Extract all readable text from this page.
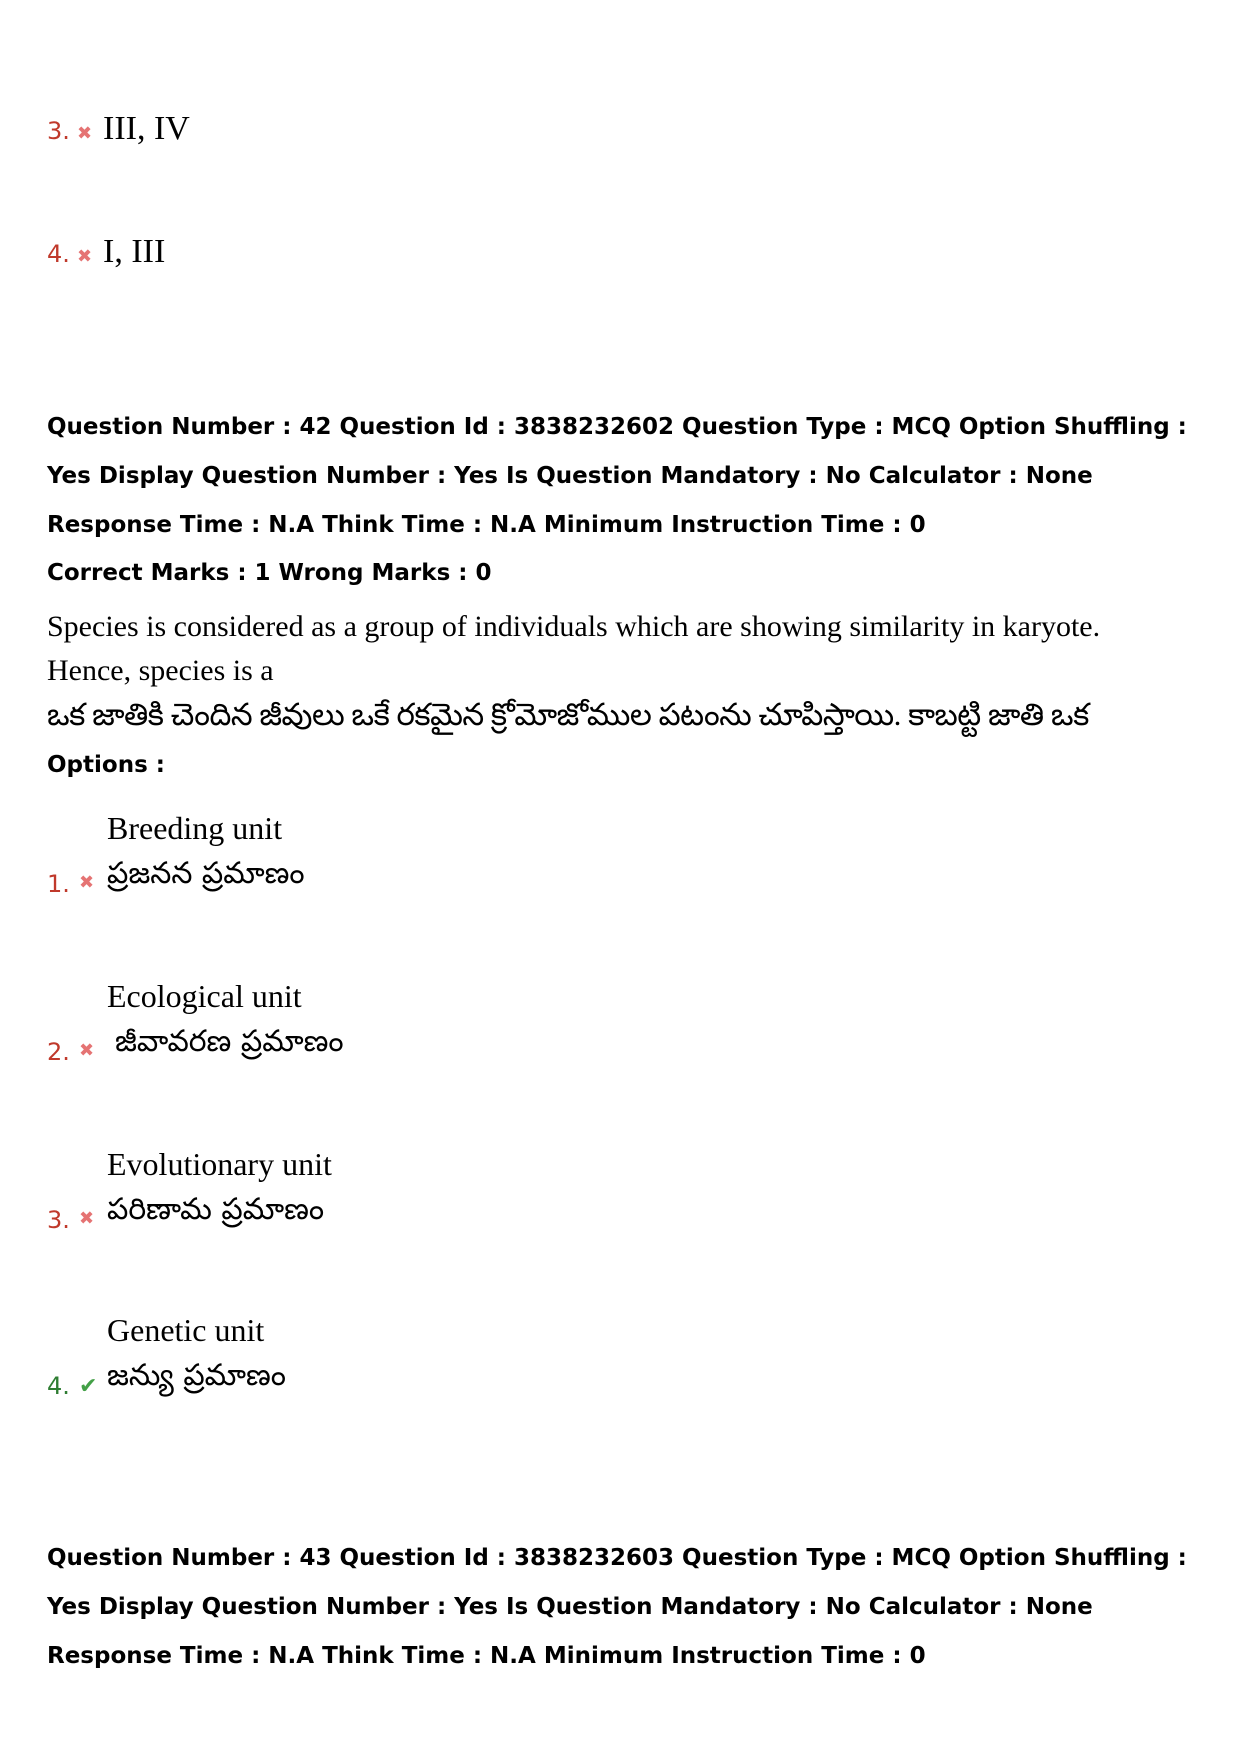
3. ✖ III, IV
4. ✖ I, III
Question Number : 42 Question Id : 3838232602 Question Type : MCQ Option Shuffling : Yes Display Question Number : Yes Is Question Mandatory : No Calculator : None Response Time : N.A Think Time : N.A Minimum Instruction Time : 0
Correct Marks : 1 Wrong Marks : 0
Species is considered as a group of individuals which are showing similarity in karyote.
Hence, species is a
ఒక జాతికి చెందిన జీవులు ఒకే రకమైన క్రోమోజోముల పటంను చూపిస్తాయి. కాబట్టి జాతి ఒక
Options :
Breeding unit
ప్రజనన ప్రమాణం
1. ✖
Ecological unit
జీవావరణ ప్రమాణం
2. ✖
Evolutionary unit
పరిణామ ప్రమాణం
3. ✖
Genetic unit
జన్యు ప్రమాణం
4. ✔
Question Number : 43 Question Id : 3838232603 Question Type : MCQ Option Shuffling : Yes Display Question Number : Yes Is Question Mandatory : No Calculator : None Response Time : N.A Think Time : N.A Minimum Instruction Time : 0
